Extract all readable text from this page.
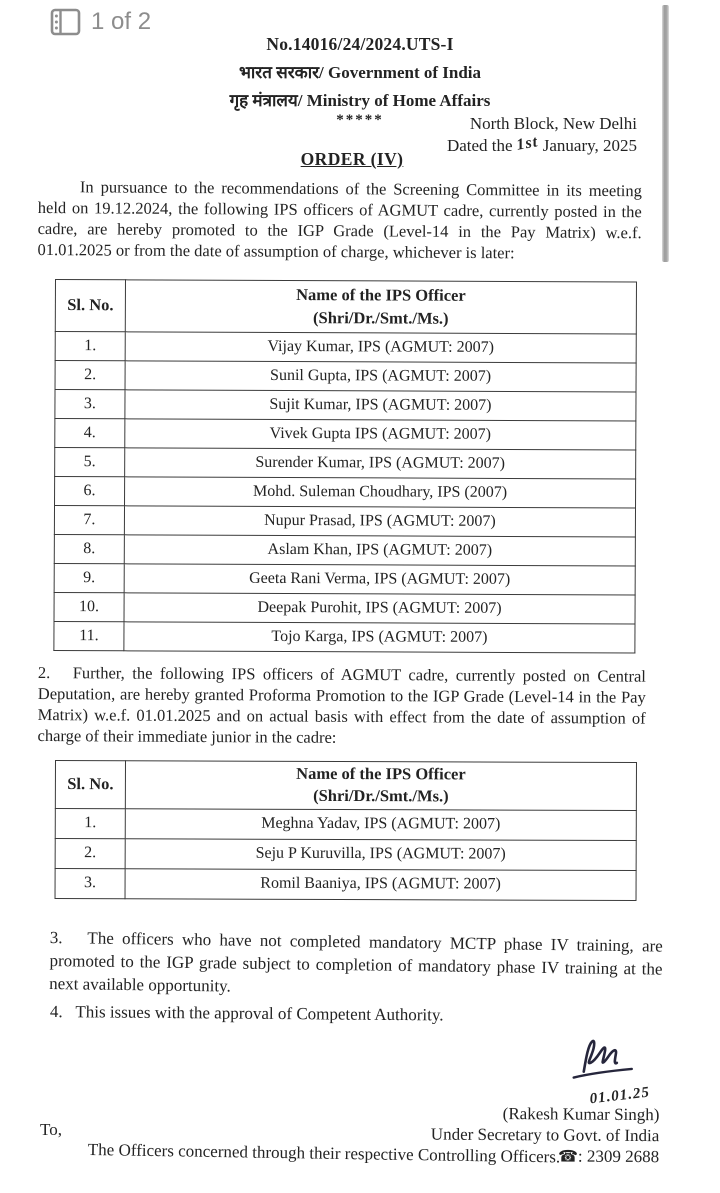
1 of 2
No.14016/24/2024.UTS-I
भारत सरकार/ Government of India
गृह मंत्रालय/ Ministry of Home Affairs
*****	North Block, New Delhi
Dated the 1st January, 2025
ORDER (IV)
In pursuance to the recommendations of the Screening Committee in its meeting held on 19.12.2024, the following IPS officers of AGMUT cadre, currently posted in the cadre, are hereby promoted to the IGP Grade (Level-14 in the Pay Matrix) w.e.f. 01.01.2025 or from the date of assumption of charge, whichever is later:
Sl. No.	Name of the IPS Officer
(Shri/Dr./Smt./Ms.)

1.	Vijay Kumar, IPS (AGMUT: 2007)
2.	Sunil Gupta, IPS (AGMUT: 2007)
3.	Sujit Kumar, IPS (AGMUT: 2007)
4.	Vivek Gupta IPS (AGMUT: 2007)
5.	Surender Kumar, IPS (AGMUT: 2007)
6.	Mohd. Suleman Choudhary, IPS (2007)
7.	Nupur Prasad, IPS (AGMUT: 2007)
8.	Aslam Khan, IPS (AGMUT: 2007)
9.	Geeta Rani Verma, IPS (AGMUT: 2007)
10.	Deepak Purohit, IPS (AGMUT: 2007)
11.	Tojo Karga, IPS (AGMUT: 2007)
2.   Further, the following IPS officers of AGMUT cadre, currently posted on Central Deputation, are hereby granted Proforma Promotion to the IGP Grade (Level-14 in the Pay Matrix) w.e.f. 01.01.2025 and on actual basis with effect from the date of assumption of charge of their immediate junior in the cadre:
Sl. No.	Name of the IPS Officer
(Shri/Dr./Smt./Ms.)

1.	Meghna Yadav, IPS (AGMUT: 2007)
2.	Seju P Kuruvilla, IPS (AGMUT: 2007)
3.	Romil Baaniya, IPS (AGMUT: 2007)
3.   The officers who have not completed mandatory MCTP phase IV training, are promoted to the IGP grade subject to completion of mandatory phase IV training at the next available opportunity.
4.   This issues with the approval of Competent Authority.
01.01.25
(Rakesh Kumar Singh)
Under Secretary to Govt. of India
☎: 2309 2688
To,
The Officers concerned through their respective Controlling Officers.
